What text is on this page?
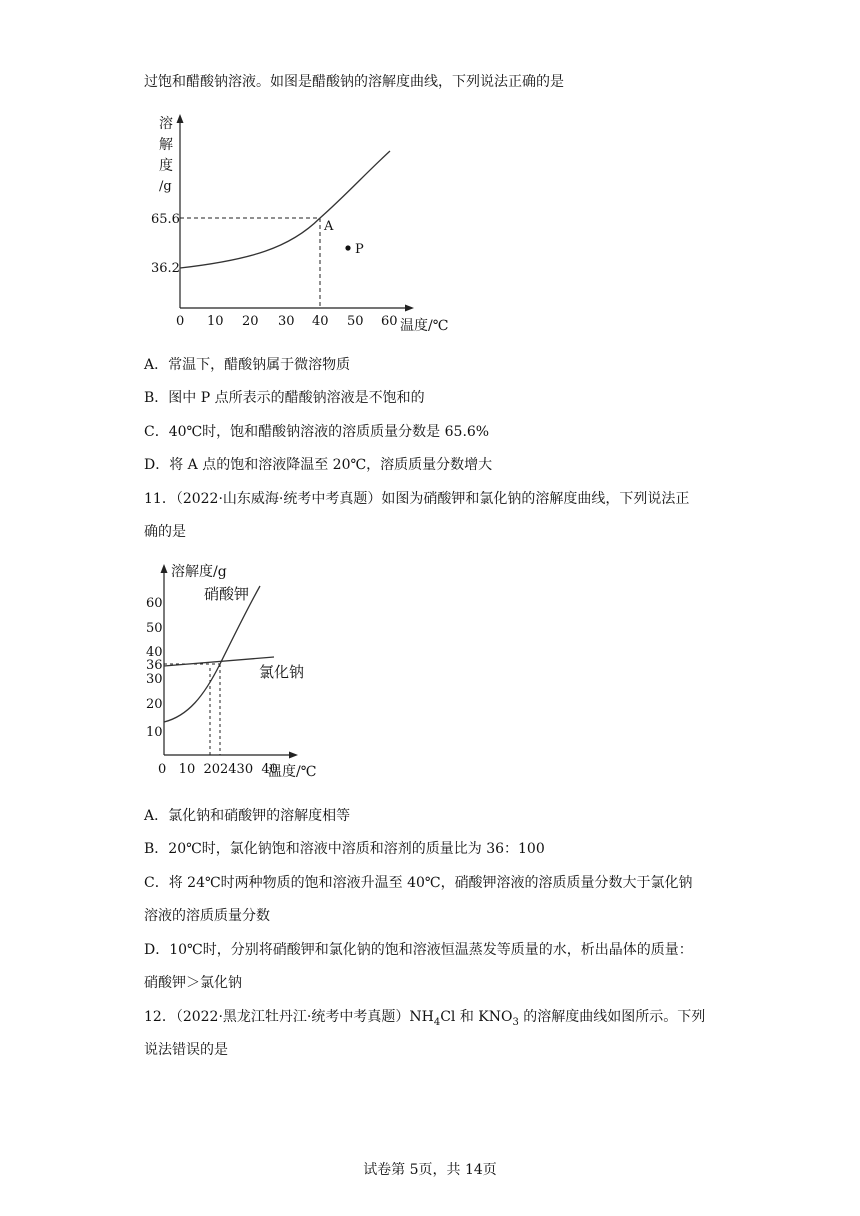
过饱和醋酸钠溶液。如图是醋酸钠的溶解度曲线，下列说法正确的是
溶
解
度
/g
65.6
36.2
A
P
0 10 20 30 40 50 60 温度/℃
A．常温下，醋酸钠属于微溶物质
B．图中 P 点所表示的醋酸钠溶液是不饱和的
C．40℃时，饱和醋酸钠溶液的溶质质量分数是 65.6%
D．将 A 点的饱和溶液降温至 20℃，溶质质量分数增大
11．（2022·山东威海·统考中考真题）如图为硝酸钾和氯化钠的溶解度曲线，下列说法正
确的是
溶解度/g
60
50
40
36
30
20
10
硝酸钾
氯化钠
0   10  202430  40
温度/℃
A．氯化钠和硝酸钾的溶解度相等
B．20℃时，氯化钠饱和溶液中溶质和溶剂的质量比为 36：100
C．将 24℃时两种物质的饱和溶液升温至 40℃，硝酸钾溶液的溶质质量分数大于氯化钠
溶液的溶质质量分数
D．10℃时，分别将硝酸钾和氯化钠的饱和溶液恒温蒸发等质量的水，析出晶体的质量：
硝酸钾＞氯化钠
12．（2022·黑龙江牡丹江·统考中考真题）$NH_4Cl$ 和 $KNO_3$ 的溶解度曲线如图所示。下列
说法错误的是
试卷第 5页，共 14页
